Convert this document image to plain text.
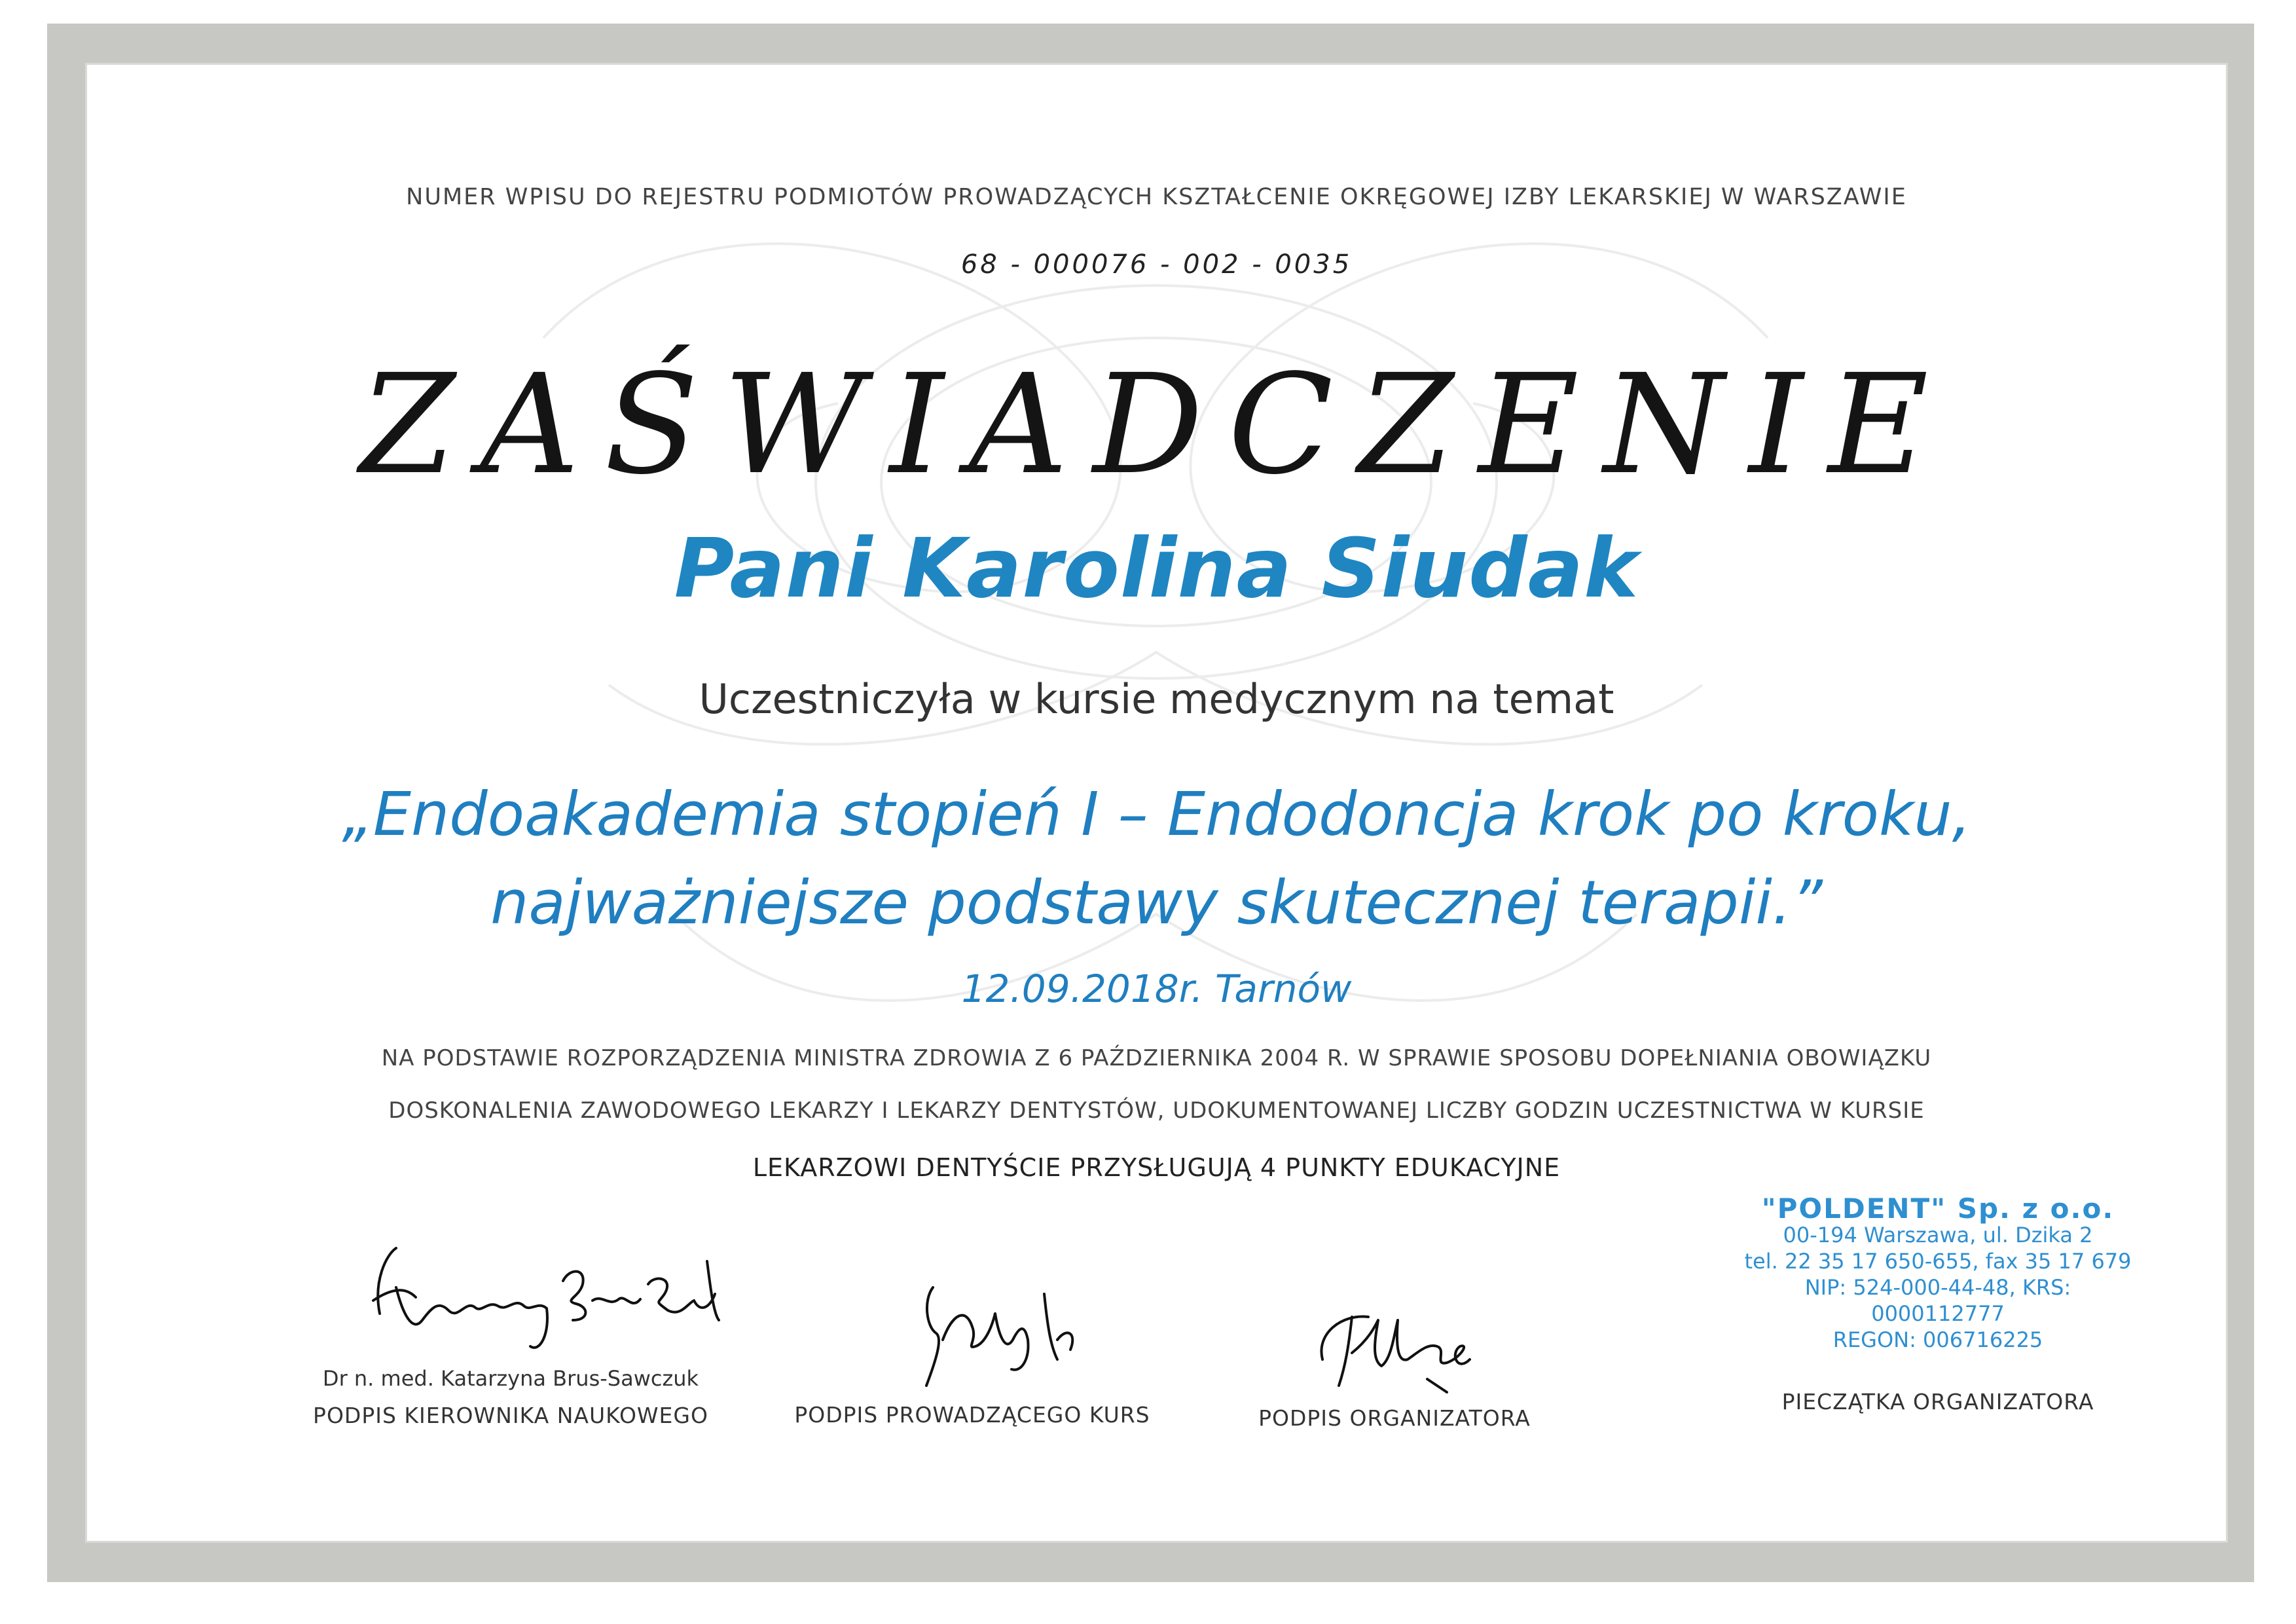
NUMER WPISU DO REJESTRU PODMIOTÓW PROWADZĄCYCH KSZTAŁCENIE OKRĘGOWEJ IZBY LEKARSKIEJ W WARSZAWIE
68 - 000076 - 002 - 0035
ZAŚWIADCZENIE
Pani Karolina Siudak
Uczestniczyła w kursie medycznym na temat
„Endoakademia stopień I – Endodoncja krok po kroku,
najważniejsze podstawy skutecznej terapii.”
12.09.2018r. Tarnów
NA PODSTAWIE ROZPORZĄDZENIA MINISTRA ZDROWIA Z 6 PAŹDZIERNIKA 2004 R. W SPRAWIE SPOSOBU DOPEŁNIANIA OBOWIĄZKU
DOSKONALENIA ZAWODOWEGO LEKARZY I LEKARZY DENTYSTÓW, UDOKUMENTOWANEJ LICZBY GODZIN UCZESTNICTWA W KURSIE
LEKARZOWI DENTYŚCIE PRZYSŁUGUJĄ 4 PUNKTY EDUKACYJNE
Dr n. med. Katarzyna Brus-Sawczuk
PODPIS KIEROWNIKA NAUKOWEGO	PODPIS PROWADZĄCEGO KURS	PODPIS ORGANIZATORA
"POLDENT" Sp. z o.o.
00-194 Warszawa, ul. Dzika 2
tel. 22 35 17 650-655, fax 35 17 679
NIP: 524-000-44-48, KRS: 0000112777
REGON: 006716225
PIECZĄTKA ORGANIZATORA
